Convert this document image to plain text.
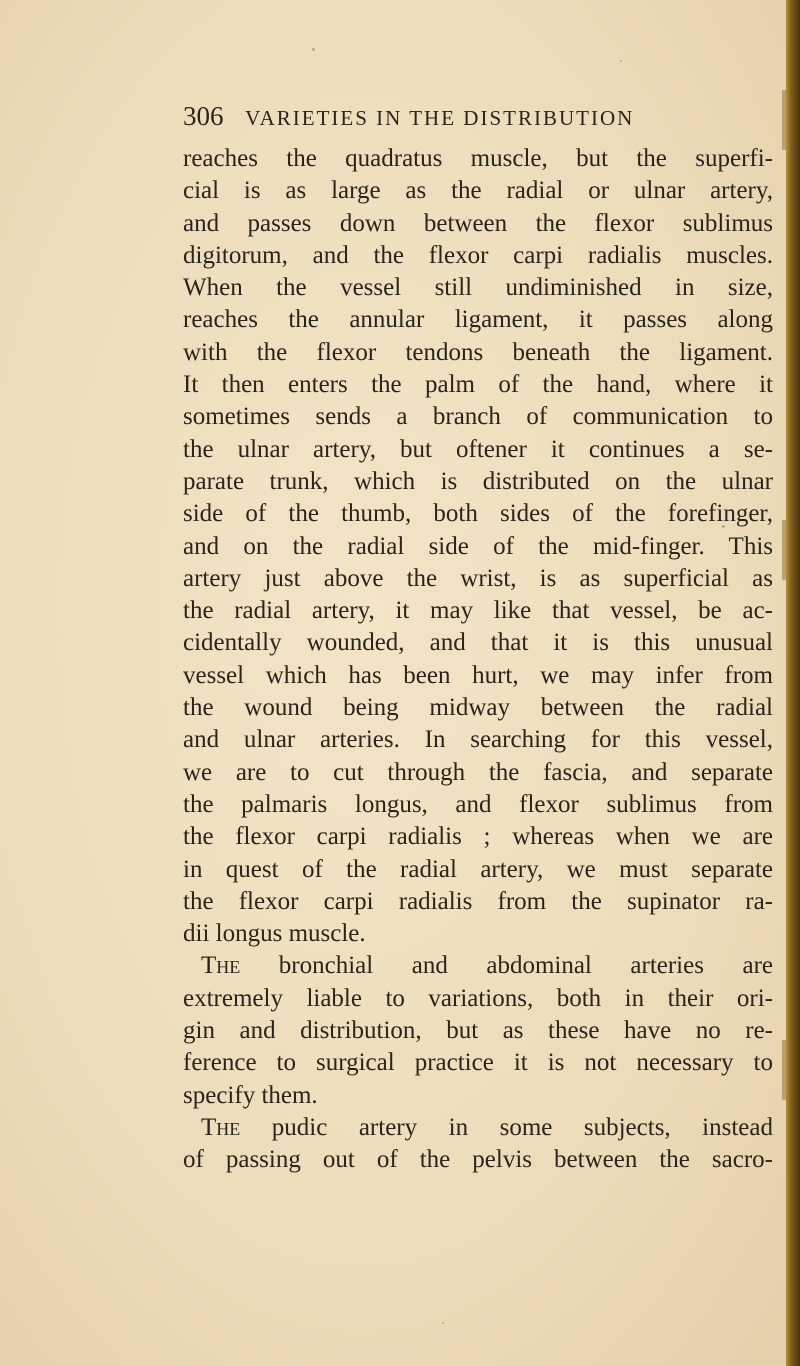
306 VARIETIES IN THE DISTRIBUTION
reaches the quadratus muscle, but the superfi-
cial is as large as the radial or ulnar artery,
and passes down between the flexor sublimus
digitorum, and the flexor carpi radialis muscles.
When the vessel still undiminished in size,
reaches the annular ligament, it passes along
with the flexor tendons beneath the ligament.
It then enters the palm of the hand, where it
sometimes sends a branch of communication to
the ulnar artery, but oftener it continues a se-
parate trunk, which is distributed on the ulnar
side of the thumb, both sides of the forefinger,
and on the radial side of the mid-finger. This
artery just above the wrist, is as superficial as
the radial artery, it may like that vessel, be ac-
cidentally wounded, and that it is this unusual
vessel which has been hurt, we may infer from
the wound being midway between the radial
and ulnar arteries. In searching for this vessel,
we are to cut through the fascia, and separate
the palmaris longus, and flexor sublimus from
the flexor carpi radialis ; whereas when we are
in quest of the radial artery, we must separate
the flexor carpi radialis from the supinator ra-
dii longus muscle.
The bronchial and abdominal arteries are
extremely liable to variations, both in their ori-
gin and distribution, but as these have no re-
ference to surgical practice it is not necessary to
specify them.
The pudic artery in some subjects, instead
of passing out of the pelvis between the sacro-
